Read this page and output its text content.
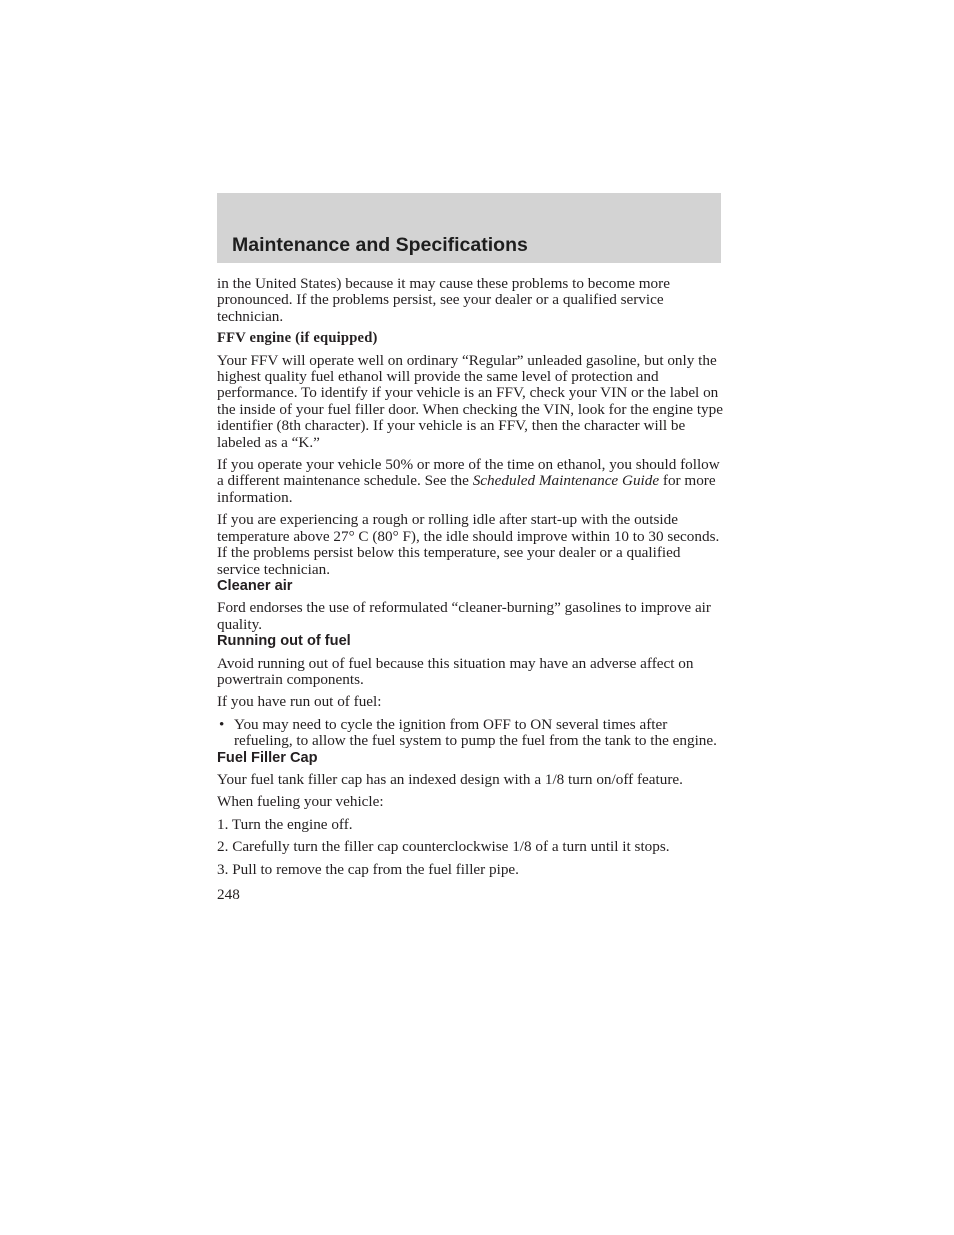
Maintenance and Specifications

in the United States) because it may cause these problems to become more pronounced. If the problems persist, see your dealer or a qualified service technician.

FFV engine (if equipped)

Your FFV will operate well on ordinary “Regular” unleaded gasoline, but only the highest quality fuel ethanol will provide the same level of protection and performance. To identify if your vehicle is an FFV, check your VIN or the label on the inside of your fuel filler door. When checking the VIN, look for the engine type identifier (8th character). If your vehicle is an FFV, then the character will be labeled as a “K.”

If you operate your vehicle 50% or more of the time on ethanol, you should follow a different maintenance schedule. See the Scheduled Maintenance Guide for more information.

If you are experiencing a rough or rolling idle after start-up with the outside temperature above 27° C (80° F), the idle should improve within 10 to 30 seconds. If the problems persist below this temperature, see your dealer or a qualified service technician.

Cleaner air

Ford endorses the use of reformulated “cleaner-burning” gasolines to improve air quality.

Running out of fuel

Avoid running out of fuel because this situation may have an adverse affect on powertrain components.

If you have run out of fuel:

• You may need to cycle the ignition from OFF to ON several times after refueling, to allow the fuel system to pump the fuel from the tank to the engine.

Fuel Filler Cap

Your fuel tank filler cap has an indexed design with a 1/8 turn on/off feature.

When fueling your vehicle:

1. Turn the engine off.

2. Carefully turn the filler cap counterclockwise 1/8 of a turn until it stops.

3. Pull to remove the cap from the fuel filler pipe.

248
